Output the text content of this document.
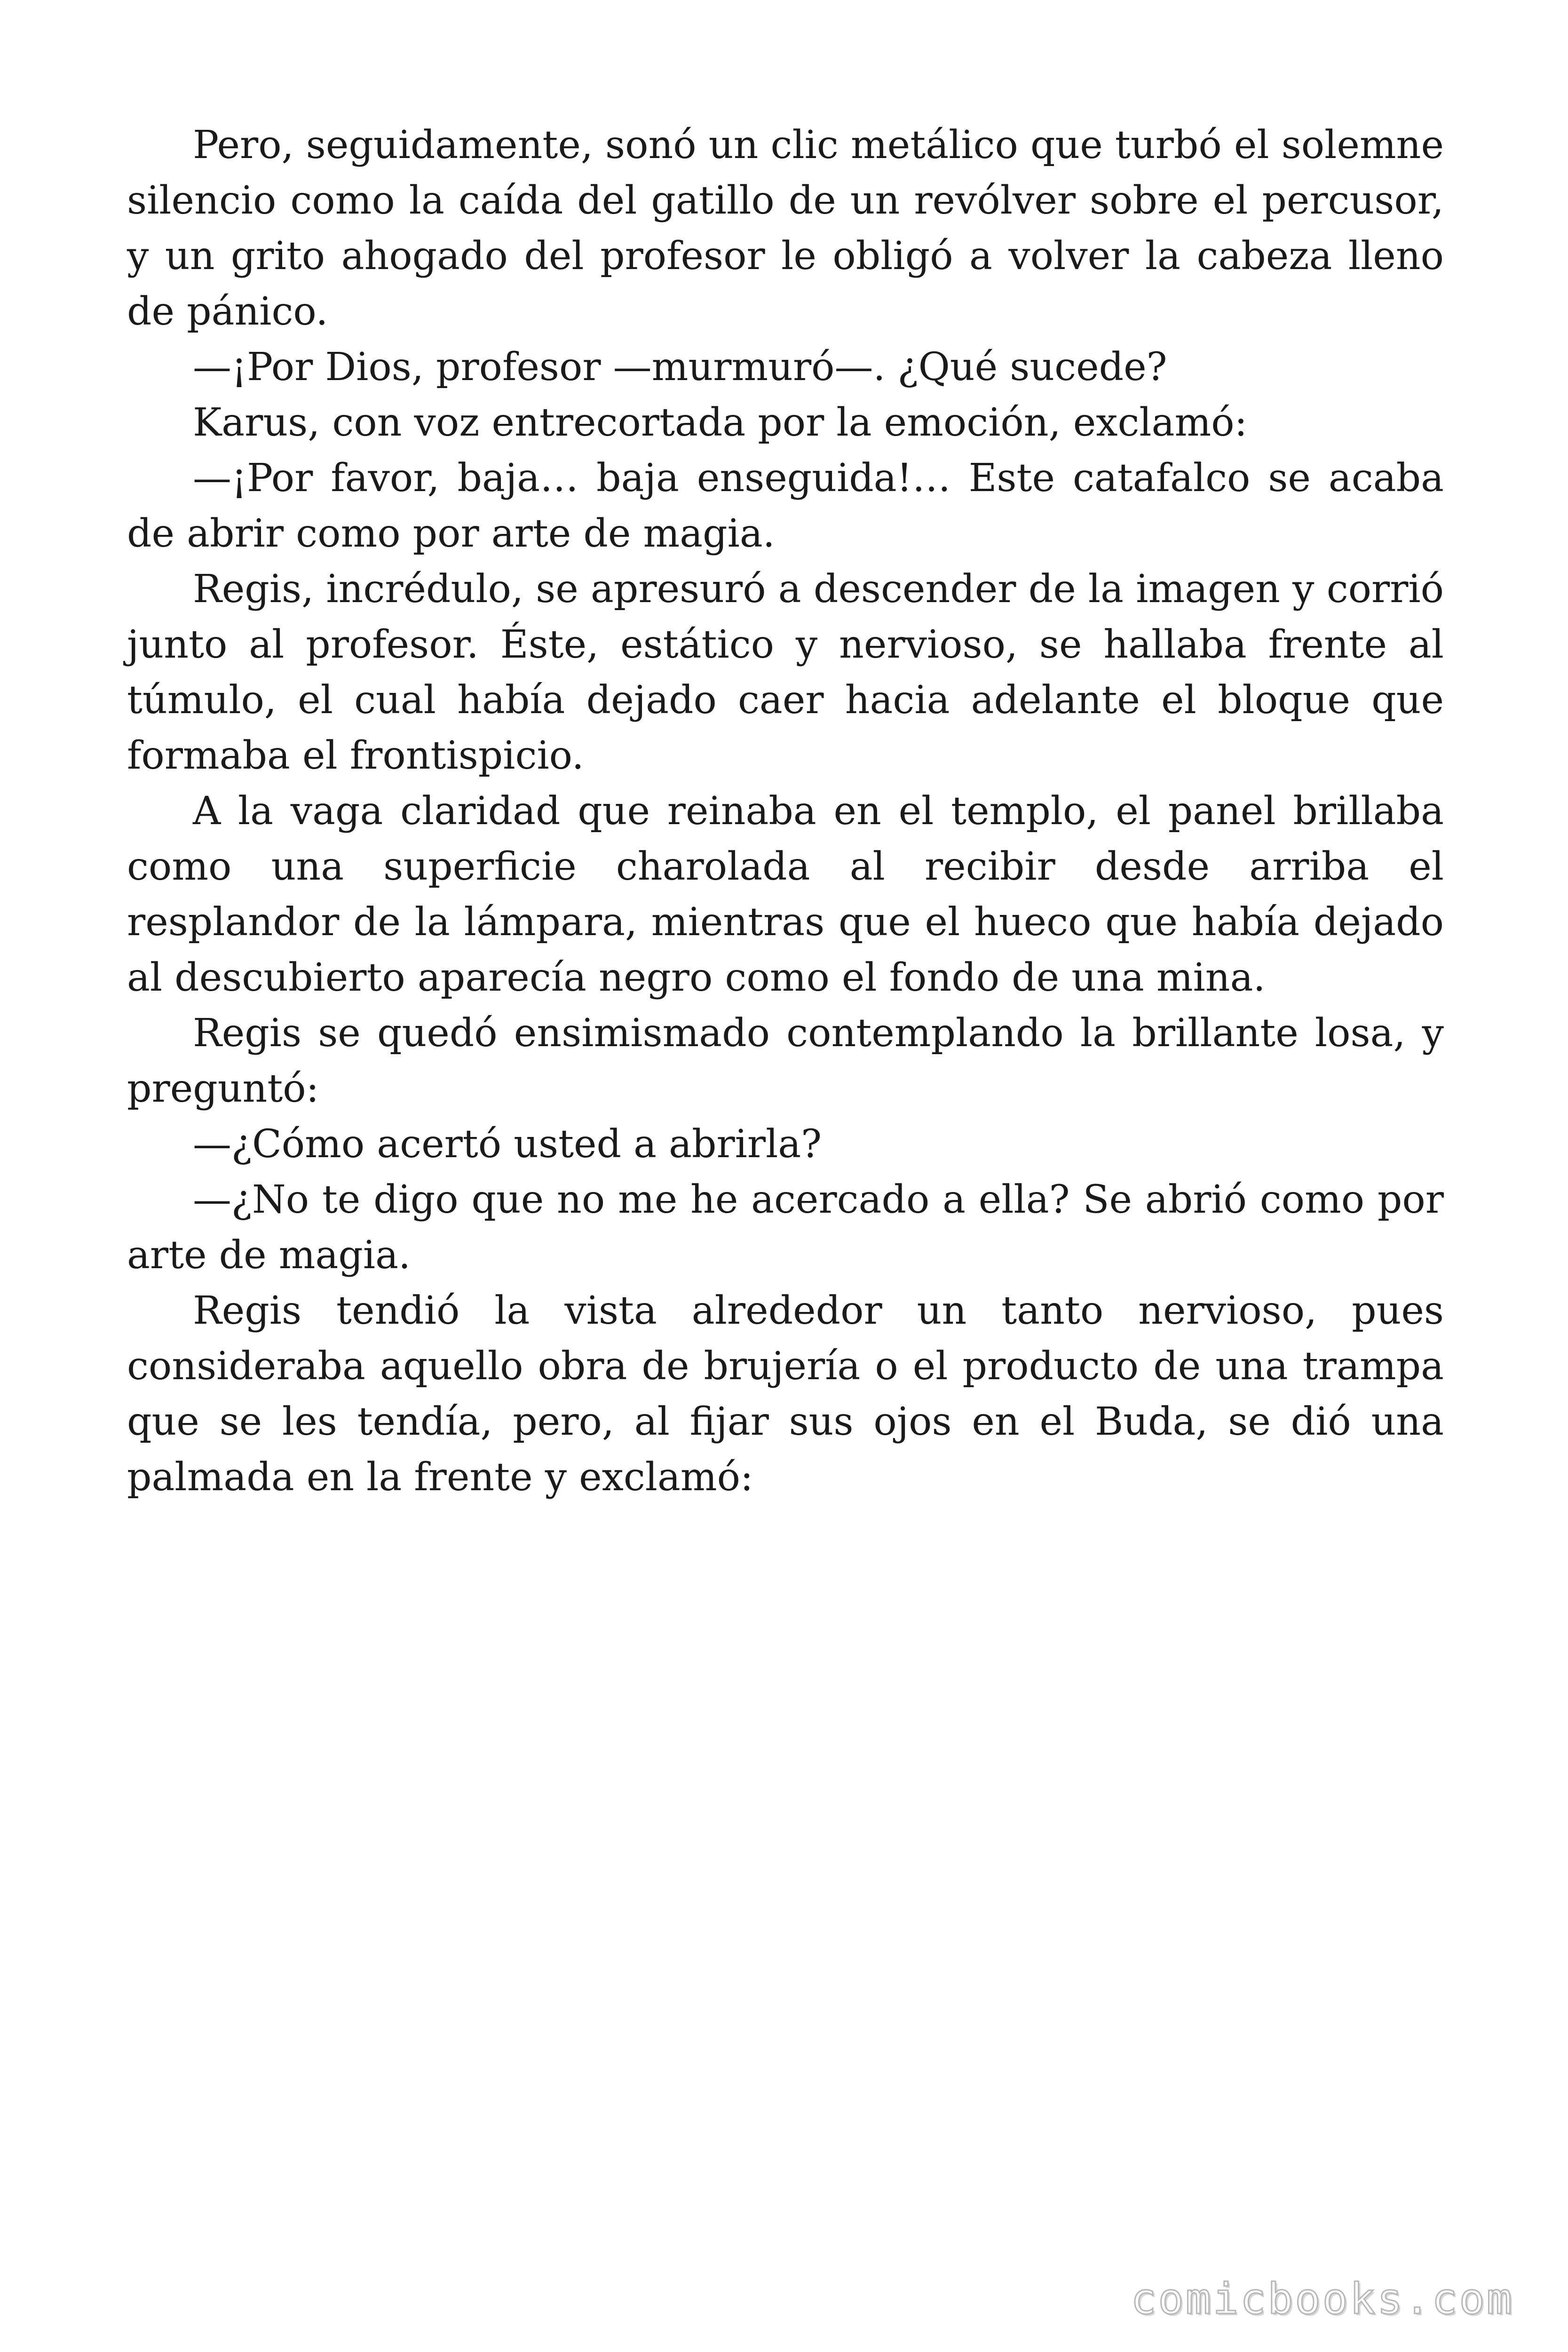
Pero, seguidamente, sonó un clic metálico que turbó el solemne silencio como la caída del gatillo de un revólver sobre el percusor, y un grito ahogado del profesor le obligó a volver la cabeza lleno de pánico.

—¡Por Dios, profesor —murmuró—. ¿Qué sucede?

Karus, con voz entrecortada por la emoción, exclamó:

—¡Por favor, baja… baja enseguida!… Este catafalco se acaba de abrir como por arte de magia.

Regis, incrédulo, se apresuró a descender de la imagen y corrió junto al profesor. Éste, estático y nervioso, se hallaba frente al túmulo, el cual había dejado caer hacia adelante el bloque que formaba el frontispicio.

A la vaga claridad que reinaba en el templo, el panel brillaba como una superficie charolada al recibir desde arriba el resplandor de la lámpara, mientras que el hueco que había dejado al descubierto aparecía negro como el fondo de una mina.

Regis se quedó ensimismado contemplando la brillante losa, y preguntó:

—¿Cómo acertó usted a abrirla?

—¿No te digo que no me he acercado a ella? Se abrió como por arte de magia.

Regis tendió la vista alrededor un tanto nervioso, pues consideraba aquello obra de brujería o el producto de una trampa que se les tendía, pero, al fijar sus ojos en el Buda, se dió una palmada en la frente y exclamó:

comicbooks.com
